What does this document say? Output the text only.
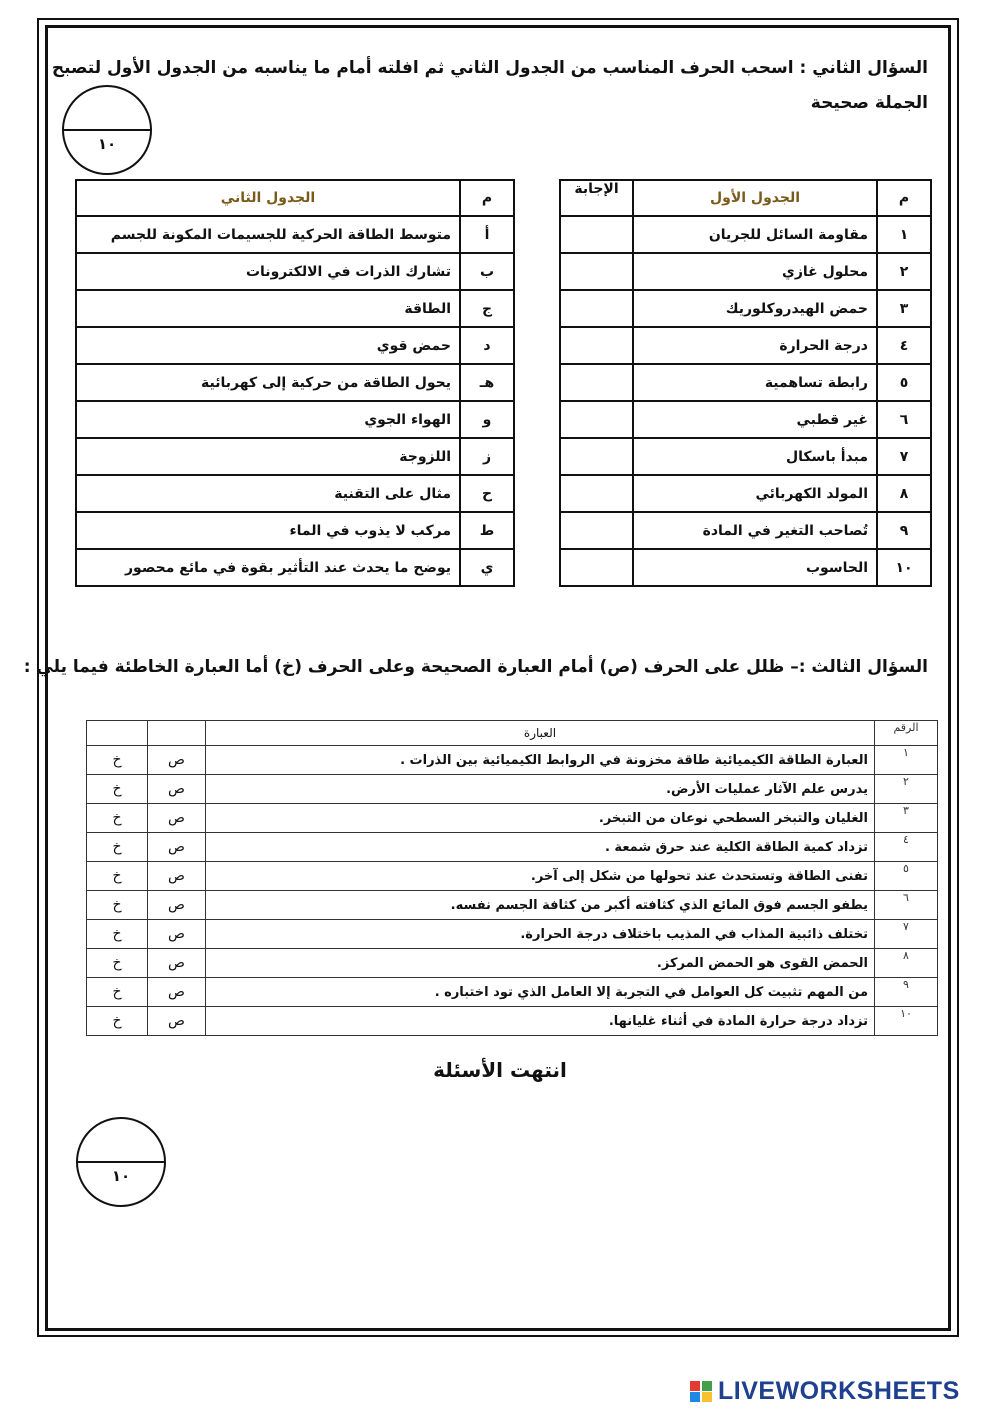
السؤال الثاني : اسحب الحرف المناسب من الجدول الثاني ثم افلته أمام ما يناسبه من الجدول الأول لتصبح
الجملة صحيحة
١٠
م	الجدول الأول	الإجابة
١	مقاومة السائل للجريان	
٢	محلول غازي	
٣	حمض الهيدروكلوريك	
٤	درجة الحرارة	
٥	رابطة تساهمية	
٦	غير قطبي	
٧	مبدأ باسكال	
٨	المولد الكهربائي	
٩	تُصاحب التغير في المادة	
١٠	الحاسوب	
م	الجدول الثاني
أ	متوسط الطاقة الحركية للجسيمات المكونة للجسم
ب	تشارك الذرات في الالكترونات
ج	الطاقة
د	حمض قوي
هـ	يحول الطاقة من حركية إلى كهربائية
و	الهواء الجوي
ز	اللزوجة
ح	مثال على التقنية
ط	مركب لا يذوب في الماء
ي	يوضح ما يحدث عند التأثير بقوة في مائع محصور
السؤال الثالث :– ظلل على الحرف (ص) أمام العبارة الصحيحة وعلى الحرف (خ) أما العبارة الخاطئة فيما يلي :
الرقم	العبارة		
١	العبارة الطاقة الكيميائية طاقة مخزونة في الروابط الكيميائية بين الذرات .	ص	خ
٢	يدرس علم الآثار عمليات الأرض.	ص	خ
٣	الغليان والتبخر السطحي نوعان من التبخر.	ص	خ
٤	تزداد كمية الطاقة الكلية عند حرق شمعة .	ص	خ
٥	تفنى الطاقة وتستحدث عند تحولها من شكل إلى آخر.	ص	خ
٦	يطفو الجسم فوق المائع الذي كثافته أكبر من كثافة الجسم نفسه.	ص	خ
٧	تختلف ذائبية المذاب في المذيب باختلاف درجة الحرارة.	ص	خ
٨	الحمض القوى هو الحمض المركز.	ص	خ
٩	من المهم تثبيت كل العوامل في التجربة إلا العامل الذي تود اختباره .	ص	خ
١٠	تزداد درجة حرارة المادة في أثناء غليانها.	ص	خ
انتهت الأسئلة
١٠
LIVEWORKSHEETS
